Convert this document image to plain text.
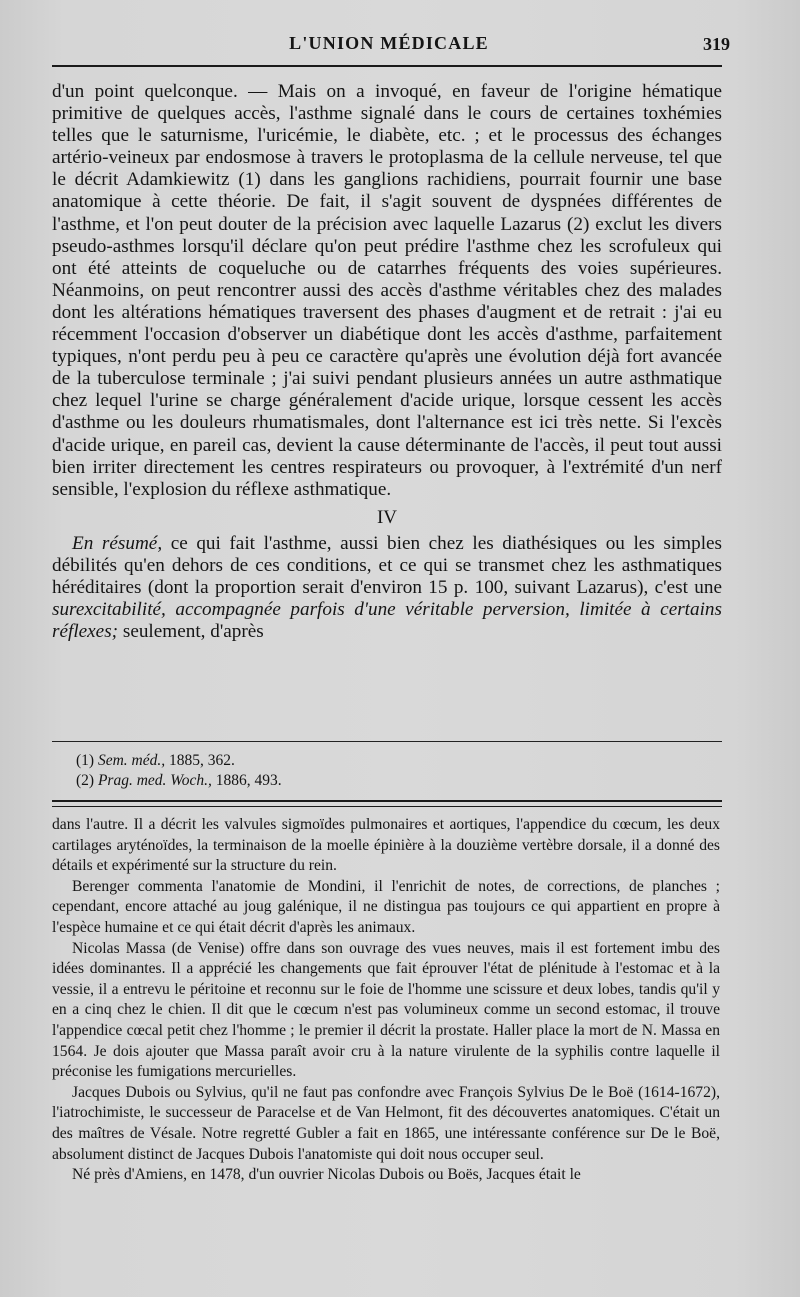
L'UNION MÉDICALE	319

d'un point quelconque. — Mais on a invoqué, en faveur de l'origine hématique primitive de quelques accès, l'asthme signalé dans le cours de certaines toxhémies telles que le saturnisme, l'uricémie, le diabète, etc. ; et le processus des échanges artério-veineux par endosmose à travers le protoplasma de la cellule nerveuse, tel que le décrit Adamkiewitz (1) dans les ganglions rachidiens, pourrait fournir une base anatomique à cette théorie. De fait, il s'agit souvent de dyspnées différentes de l'asthme, et l'on peut douter de la précision avec laquelle Lazarus (2) exclut les divers pseudo-asthmes lorsqu'il déclare qu'on peut prédire l'asthme chez les scrofuleux qui ont été atteints de coqueluche ou de catarrhes fréquents des voies supérieures. Néanmoins, on peut rencontrer aussi des accès d'asthme véritables chez des malades dont les altérations hématiques traversent des phases d'augment et de retrait : j'ai eu récemment l'occasion d'observer un diabétique dont les accès d'asthme, parfaitement typiques, n'ont perdu peu à peu ce caractère qu'après une évolution déjà fort avancée de la tuberculose terminale ; j'ai suivi pendant plusieurs années un autre asthmatique chez lequel l'urine se charge généralement d'acide urique, lorsque cessent les accès d'asthme ou les douleurs rhumatismales, dont l'alternance est ici très nette. Si l'excès d'acide urique, en pareil cas, devient la cause déterminante de l'accès, il peut tout aussi bien irriter directement les centres respirateurs ou provoquer, à l'extrémité d'un nerf sensible, l'explosion du réflexe asthmatique.

IV

En résumé, ce qui fait l'asthme, aussi bien chez les diathésiques ou les simples débilités qu'en dehors de ces conditions, et ce qui se transmet chez les asthmatiques héréditaires (dont la proportion serait d'environ 15 p. 100, suivant Lazarus), c'est une surexcitabilité, accompagnée parfois d'une véritable perversion, limitée à certains réflexes; seulement, d'après

(1) Sem. méd., 1885, 362.
(2) Prag. med. Woch., 1886, 493.

dans l'autre. Il a décrit les valvules sigmoïdes pulmonaires et aortiques, l'appendice du cœcum, les deux cartilages aryténoïdes, la terminaison de la moelle épinière à la douzième vertèbre dorsale, il a donné des détails et expérimenté sur la structure du rein.

Berenger commenta l'anatomie de Mondini, il l'enrichit de notes, de corrections, de planches ; cependant, encore attaché au joug galénique, il ne distingua pas toujours ce qui appartient en propre à l'espèce humaine et ce qui était décrit d'après les animaux.

Nicolas Massa (de Venise) offre dans son ouvrage des vues neuves, mais il est fortement imbu des idées dominantes. Il a apprécié les changements que fait éprouver l'état de plénitude à l'estomac et à la vessie, il a entrevu le péritoine et reconnu sur le foie de l'homme une scissure et deux lobes, tandis qu'il y en a cinq chez le chien. Il dit que le cœcum n'est pas volumineux comme un second estomac, il trouve l'appendice cœcal petit chez l'homme ; le premier il décrit la prostate. Haller place la mort de N. Massa en 1564. Je dois ajouter que Massa paraît avoir cru à la nature virulente de la syphilis contre laquelle il préconise les fumigations mercurielles.

Jacques Dubois ou Sylvius, qu'il ne faut pas confondre avec François Sylvius De le Boë (1614-1672), l'iatrochimiste, le successeur de Paracelse et de Van Helmont, fit des découvertes anatomiques. C'était un des maîtres de Vésale. Notre regretté Gubler a fait en 1865, une intéressante conférence sur De le Boë, absolument distinct de Jacques Dubois l'anatomiste qui doit nous occuper seul.

Né près d'Amiens, en 1478, d'un ouvrier Nicolas Dubois ou Boës, Jacques était le
